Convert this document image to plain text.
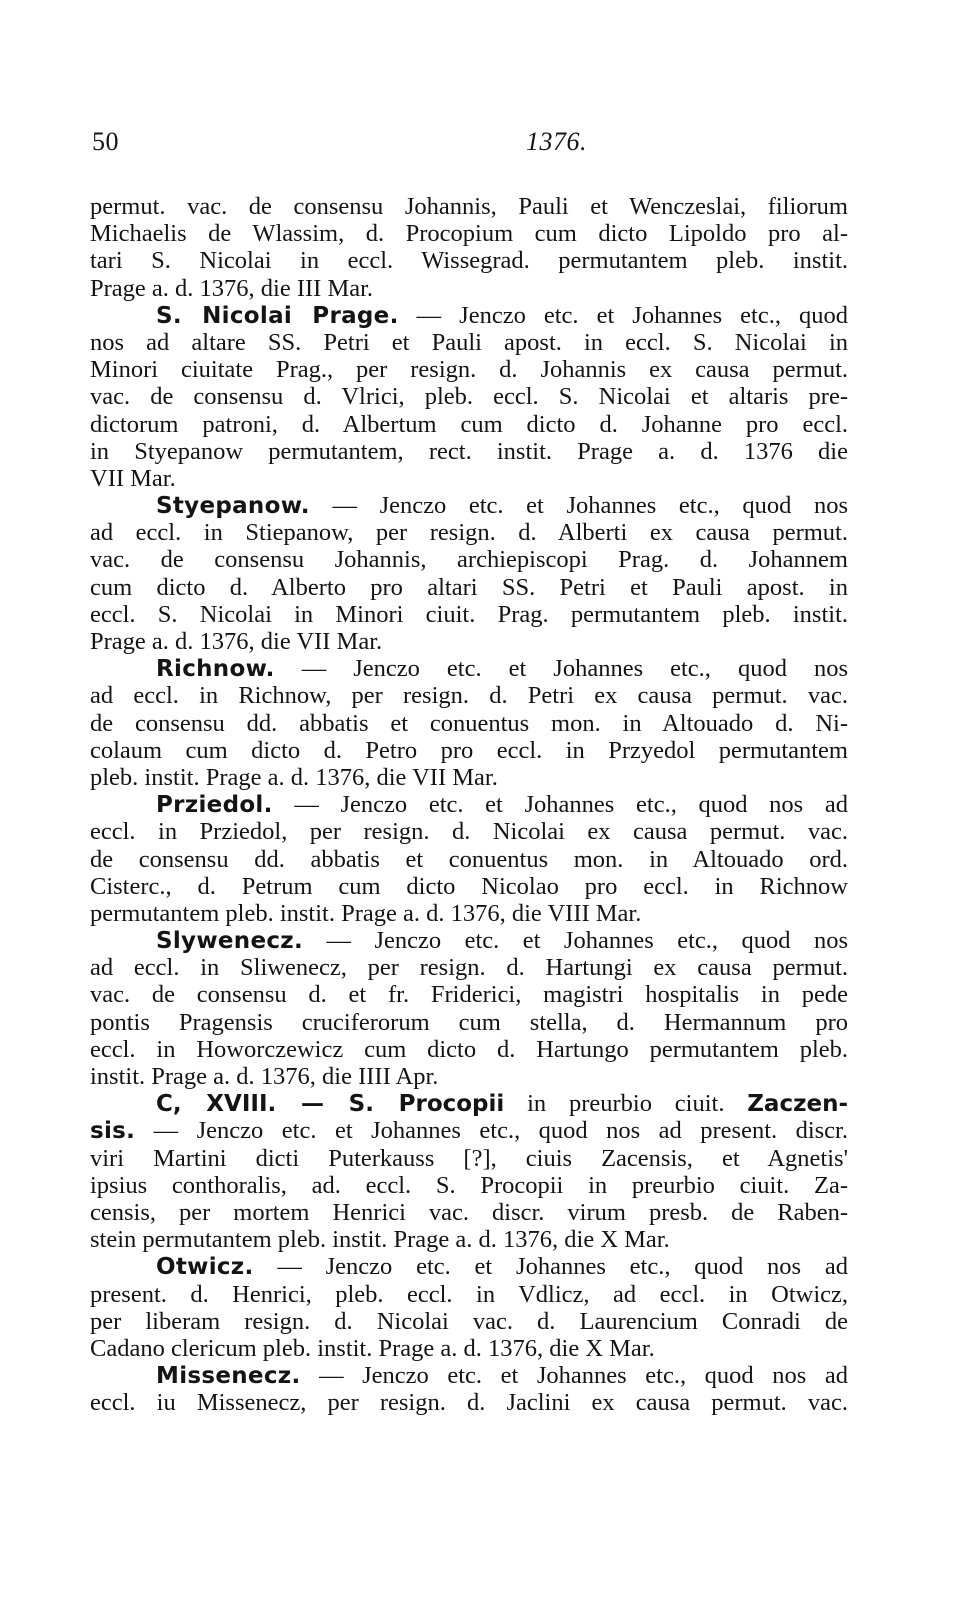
50	1376.
permut. vac. de consensu Johannis, Pauli et Wenczeslai, filiorum
Michaelis de Wlassim, d. Procopium cum dicto Lipoldo pro al-
tari S. Nicolai in eccl. Wissegrad. permutantem pleb. instit.
Prage a. d. 1376, die III Mar.
S. Nicolai Prage. — Jenczo etc. et Johannes etc., quod
nos ad altare SS. Petri et Pauli apost. in eccl. S. Nicolai in
Minori ciuitate Prag., per resign. d. Johannis ex causa permut.
vac. de consensu d. Vlrici, pleb. eccl. S. Nicolai et altaris pre-
dictorum patroni, d. Albertum cum dicto d. Johanne pro eccl.
in Styepanow permutantem, rect. instit. Prage a. d. 1376 die
VII Mar.
Styepanow. — Jenczo etc. et Johannes etc., quod nos
ad eccl. in Stiepanow, per resign. d. Alberti ex causa permut.
vac. de consensu Johannis, archiepiscopi Prag. d. Johannem
cum dicto d. Alberto pro altari SS. Petri et Pauli apost. in
eccl. S. Nicolai in Minori ciuit. Prag. permutantem pleb. instit.
Prage a. d. 1376, die VII Mar.
Richnow. — Jenczo etc. et Johannes etc., quod nos
ad eccl. in Richnow, per resign. d. Petri ex causa permut. vac.
de consensu dd. abbatis et conuentus mon. in Altouado d. Ni-
colaum cum dicto d. Petro pro eccl. in Przyedol permutantem
pleb. instit. Prage a. d. 1376, die VII Mar.
Prziedol. — Jenczo etc. et Johannes etc., quod nos ad
eccl. in Prziedol, per resign. d. Nicolai ex causa permut. vac.
de consensu dd. abbatis et conuentus mon. in Altouado ord.
Cisterc., d. Petrum cum dicto Nicolao pro eccl. in Richnow
permutantem pleb. instit. Prage a. d. 1376, die VIII Mar.
Slywenecz. — Jenczo etc. et Johannes etc., quod nos
ad eccl. in Sliwenecz, per resign. d. Hartungi ex causa permut.
vac. de consensu d. et fr. Friderici, magistri hospitalis in pede
pontis Pragensis cruciferorum cum stella, d. Hermannum pro
eccl. in Howorczewicz cum dicto d. Hartungo permutantem pleb.
instit. Prage a. d. 1376, die IIII Apr.
C, XVIII. — S. Procopii in preurbio ciuit. Zaczen-
sis. — Jenczo etc. et Johannes etc., quod nos ad present. discr.
viri Martini dicti Puterkauss [?], ciuis Zacensis, et Agnetis'
ipsius conthoralis, ad. eccl. S. Procopii in preurbio ciuit. Za-
censis, per mortem Henrici vac. discr. virum presb. de Raben-
stein permutantem pleb. instit. Prage a. d. 1376, die X Mar.
Otwicz. — Jenczo etc. et Johannes etc., quod nos ad
present. d. Henrici, pleb. eccl. in Vdlicz, ad eccl. in Otwicz,
per liberam resign. d. Nicolai vac. d. Laurencium Conradi de
Cadano clericum pleb. instit. Prage a. d. 1376, die X Mar.
Missenecz. — Jenczo etc. et Johannes etc., quod nos ad
eccl. iu Missenecz, per resign. d. Jaclini ex causa permut. vac.
